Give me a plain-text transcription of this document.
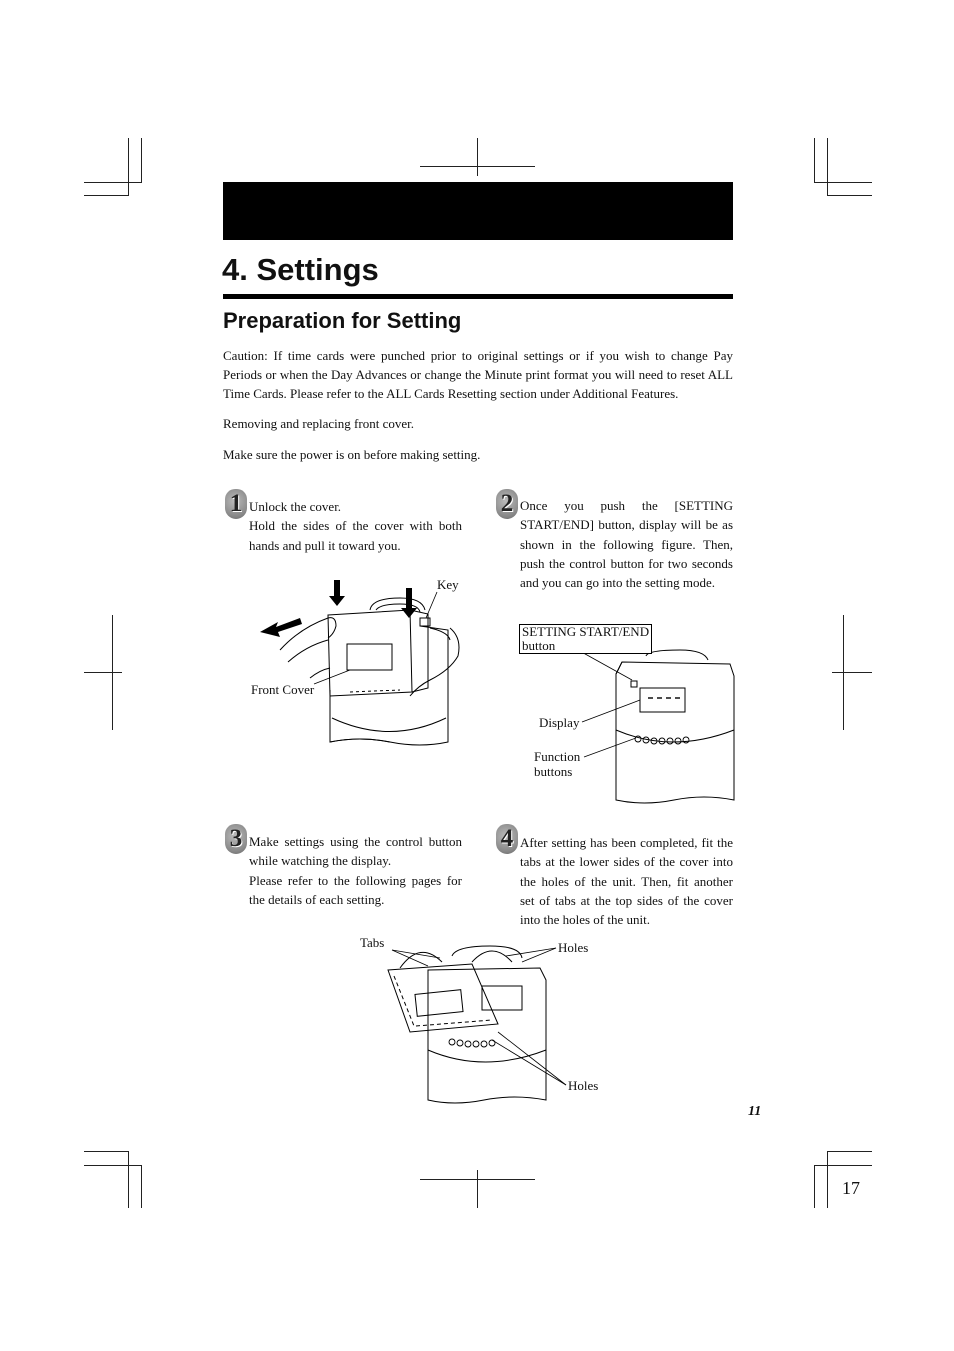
4. Settings
Preparation for Setting

Caution: If time cards were punched prior to original settings or if you wish to change Pay Periods or when the Day Advances or change the Minute print format you will need to reset ALL Time Cards. Please refer to the ALL Cards Resetting section under Additional Features.

Removing and replacing front cover.

Make sure the power is on before making setting.

1 Unlock the cover.
Hold the sides of the cover with both hands and pull it toward you.

Key
Front Cover
2 Once you push the [SETTING START/END] button, display will be as shown in the following figure. Then, push the control button for two seconds and you can go into the setting mode.

SETTING START/END
button
Display
Function
buttons
3 Make settings using the control button while watching the display.
Please refer to the following pages for the details of each setting.

4 After setting has been completed, fit the tabs at the lower sides of the cover into the holes of the unit. Then, fit another set of tabs at the top sides of the cover into the holes of the unit.

Tabs	Holes
Holes
11
17
